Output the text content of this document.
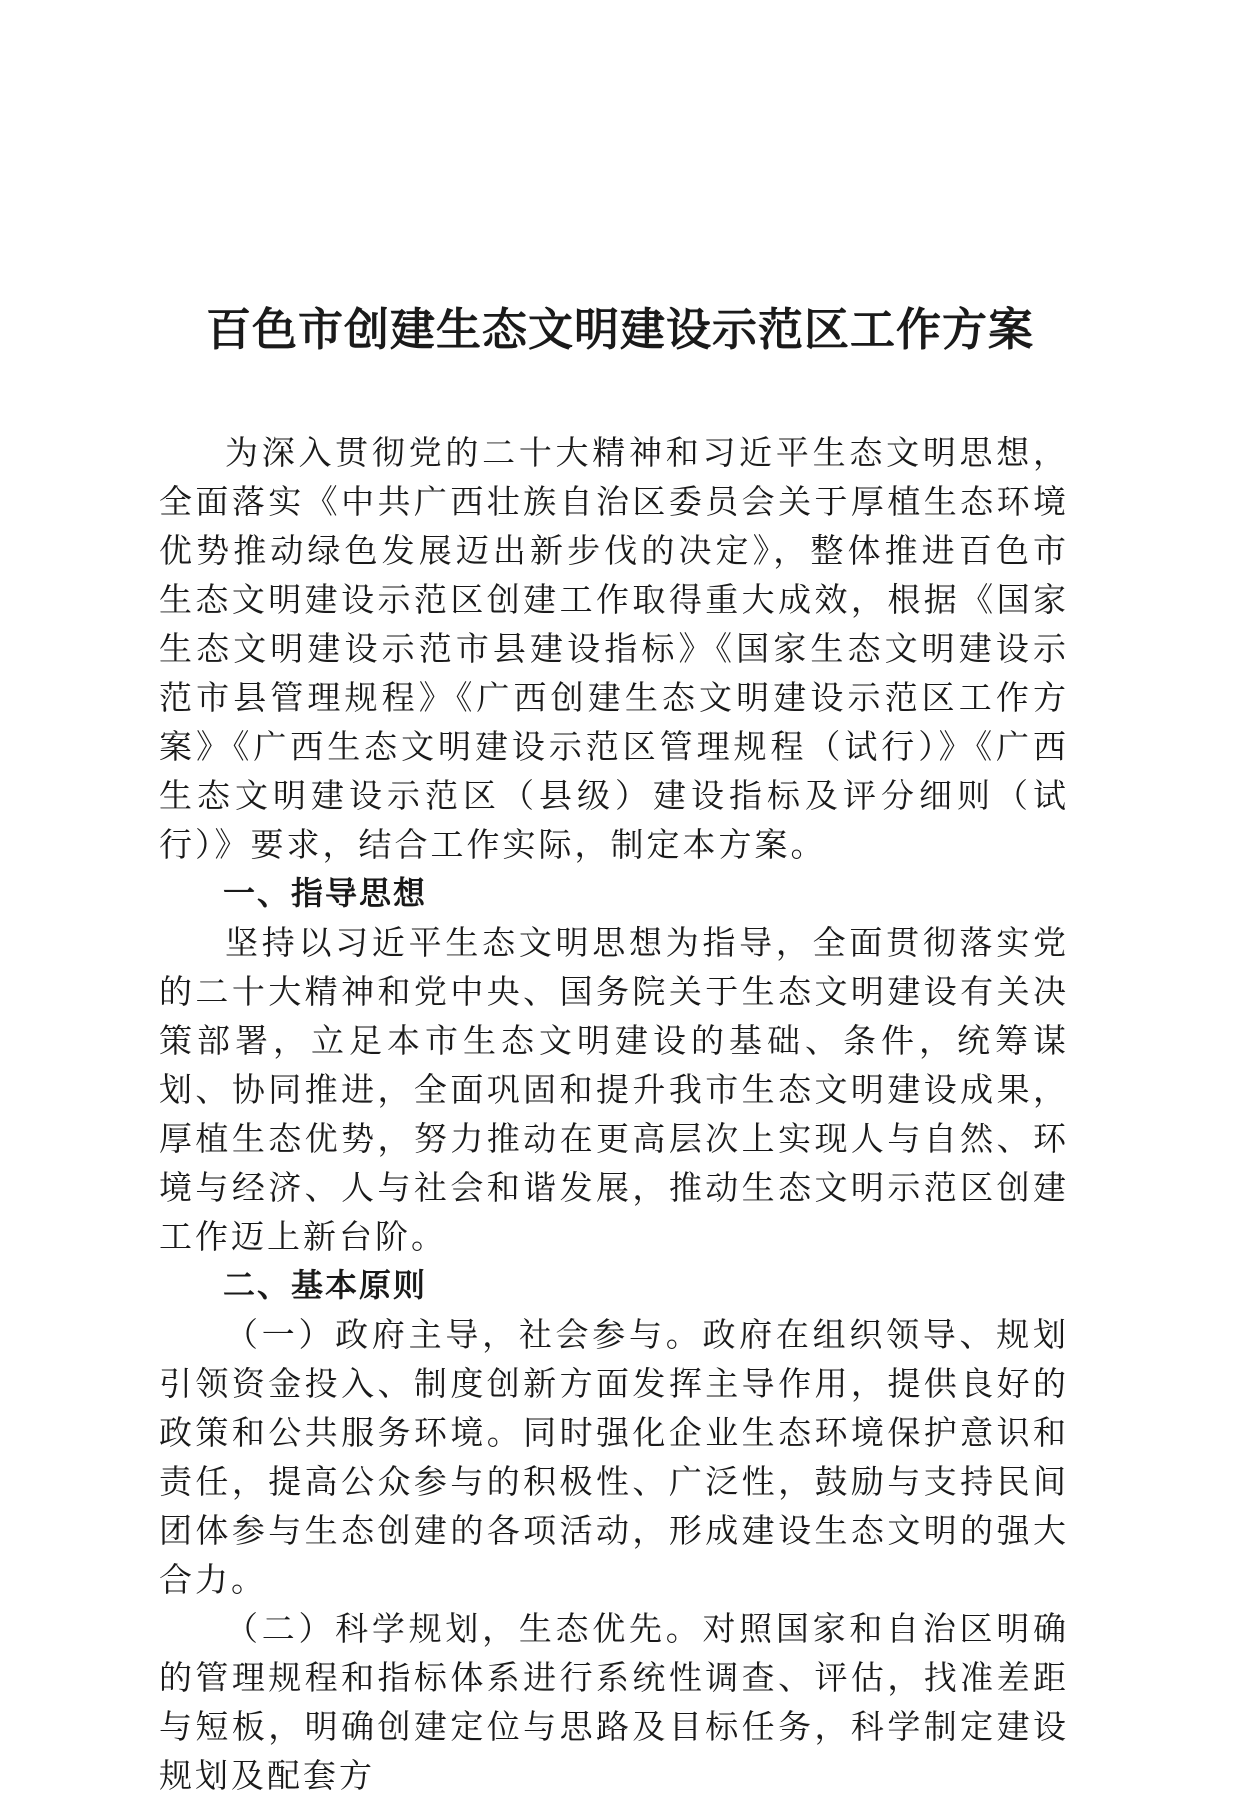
百色市创建生态文明建设示范区工作方案

为深入贯彻党的二十大精神和习近平生态文明思想，全面落实《中共广西壮族自治区委员会关于厚植生态环境优势推动绿色发展迈出新步伐的决定》，整体推进百色市生态文明建设示范区创建工作取得重大成效，根据《国家生态文明建设示范市县建设指标》《国家生态文明建设示范市县管理规程》《广西创建生态文明建设示范区工作方案》《广西生态文明建设示范区管理规程（试行）》《广西生态文明建设示范区（县级）建设指标及评分细则（试行）》要求，结合工作实际，制定本方案。

一、指导思想

坚持以习近平生态文明思想为指导，全面贯彻落实党的二十大精神和党中央、国务院关于生态文明建设有关决策部署，立足本市生态文明建设的基础、条件，统筹谋划、协同推进，全面巩固和提升我市生态文明建设成果，厚植生态优势，努力推动在更高层次上实现人与自然、环境与经济、人与社会和谐发展，推动生态文明示范区创建工作迈上新台阶。

二、基本原则

（一）政府主导，社会参与。政府在组织领导、规划引领资金投入、制度创新方面发挥主导作用，提供良好的政策和公共服务环境。同时强化企业生态环境保护意识和责任，提高公众参与的积极性、广泛性，鼓励与支持民间团体参与生态创建的各项活动，形成建设生态文明的强大合力。

（二）科学规划，生态优先。对照国家和自治区明确的管理规程和指标体系进行系统性调查、评估，找准差距与短板，明确创建定位与思路及目标任务，科学制定建设规划及配套方
